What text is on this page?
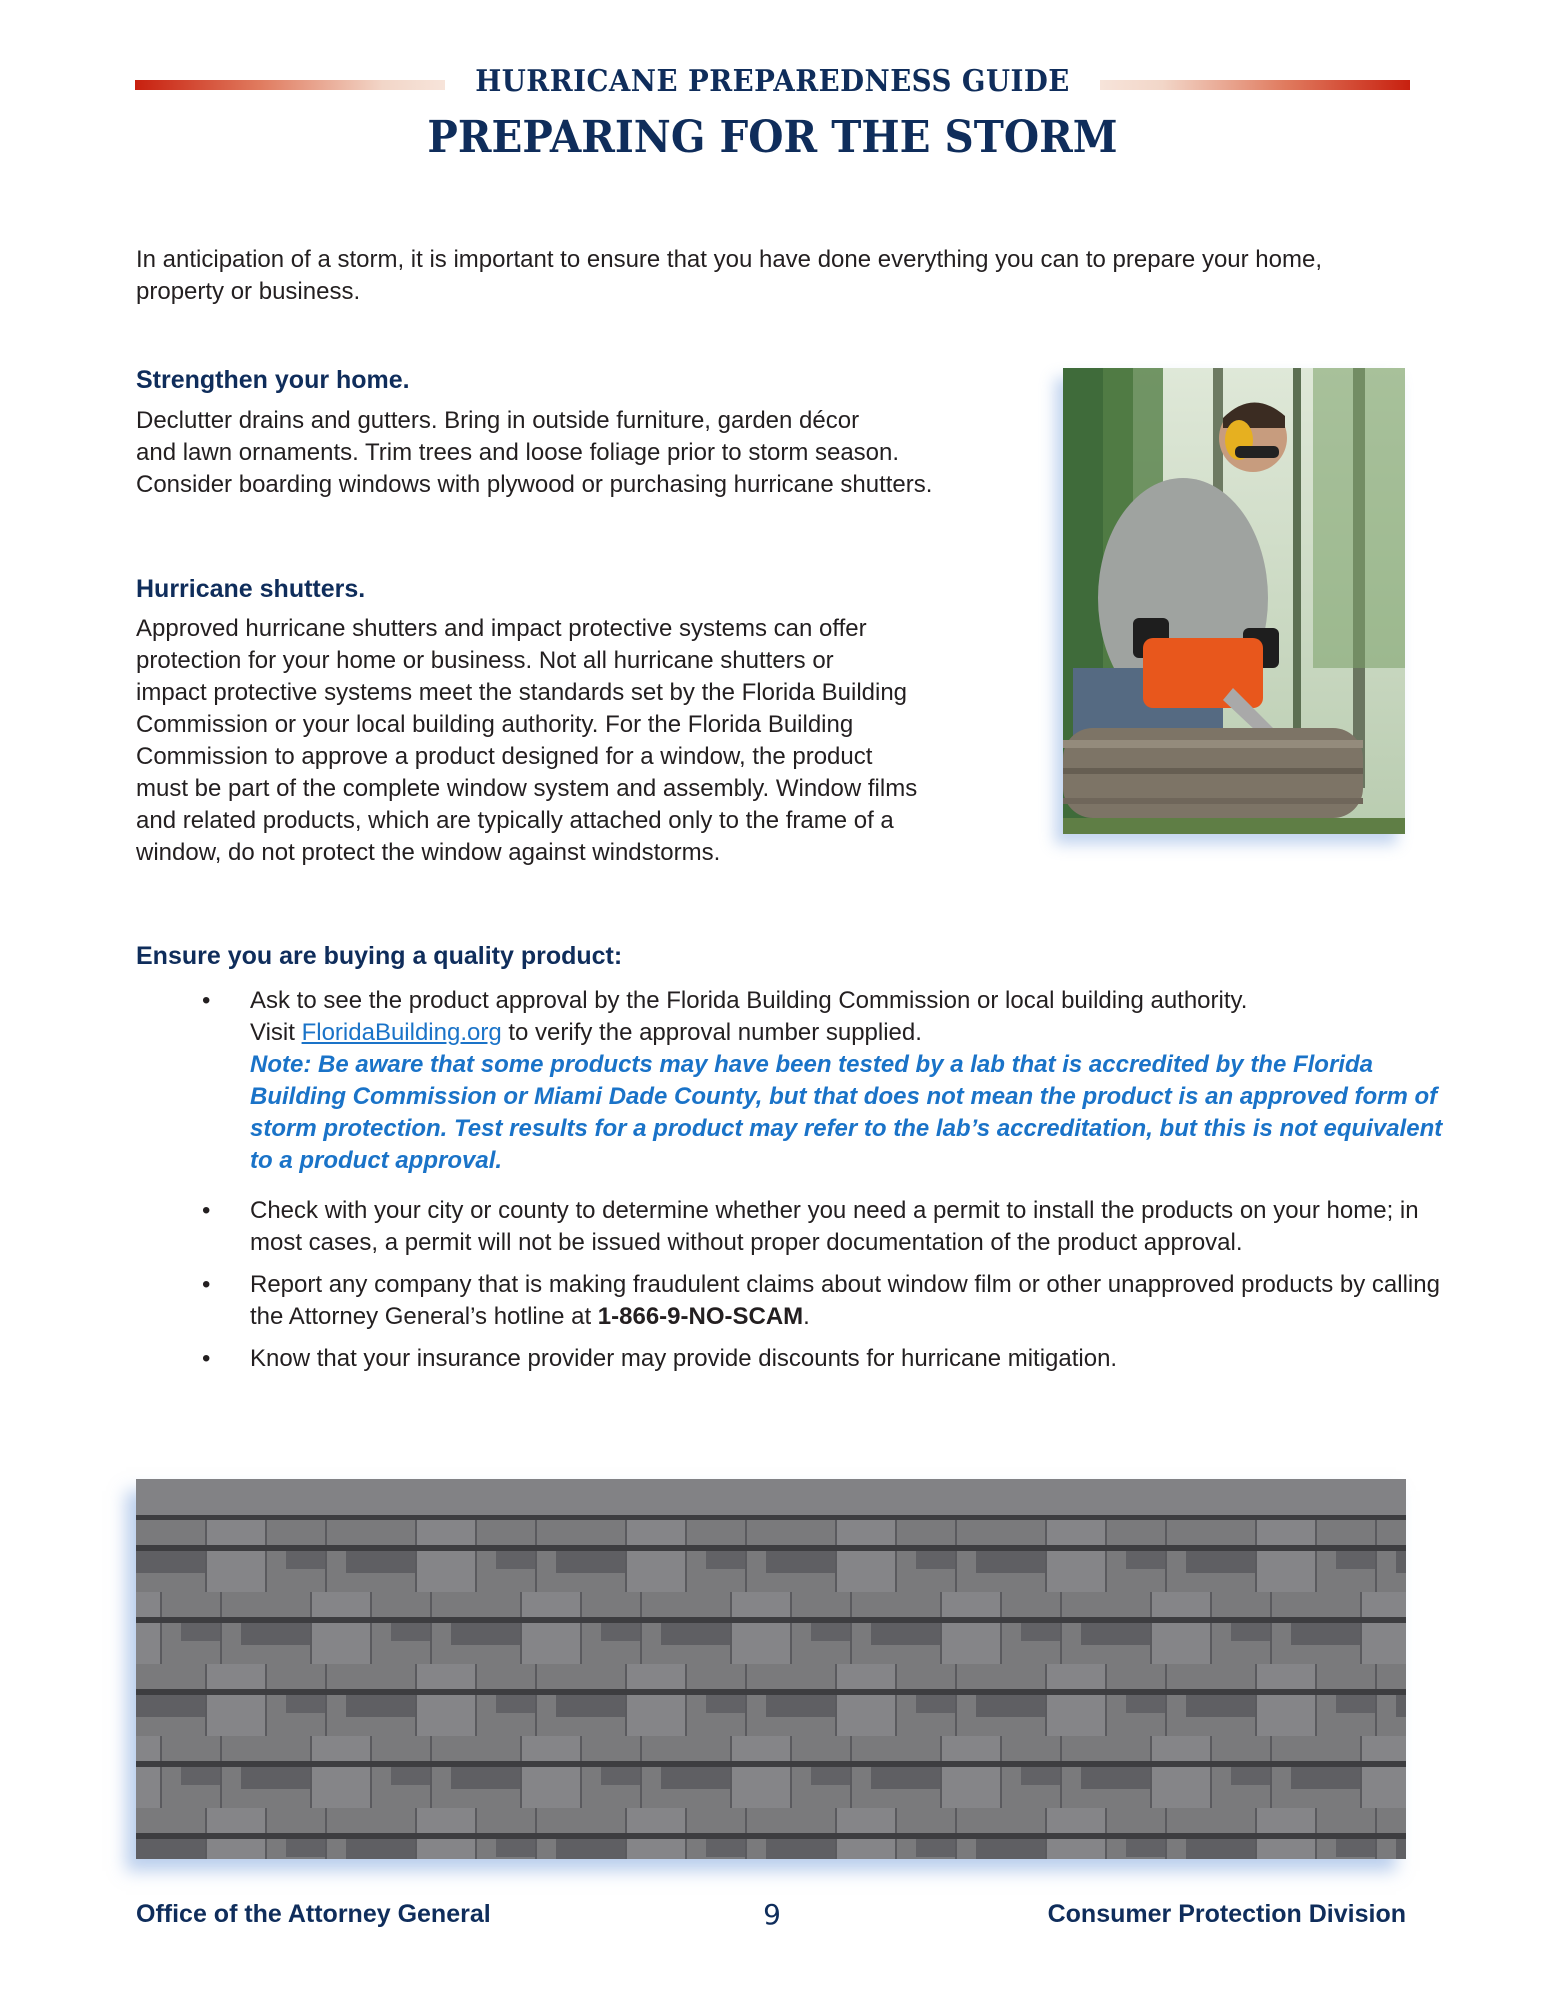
HURRICANE PREPAREDNESS GUIDE
PREPARING FOR THE STORM
In anticipation of a storm, it is important to ensure that you have done everything you can to prepare your home, property or business.
Strengthen your home.
Declutter drains and gutters. Bring in outside furniture, garden décor
and lawn ornaments. Trim trees and loose foliage prior to storm season.
Consider boarding windows with plywood or purchasing hurricane shutters.
Hurricane shutters.
Approved hurricane shutters and impact protective systems can offer
protection for your home or business. Not all hurricane shutters or
impact protective systems meet the standards set by the Florida Building
Commission or your local building authority. For the Florida Building
Commission to approve a product designed for a window, the product
must be part of the complete window system and assembly. Window films
and related products, which are typically attached only to the frame of a
window, do not protect the window against windstorms.
Ensure you are buying a quality product:
• Ask to see the product approval by the Florida Building Commission or local building authority.
Visit FloridaBuilding.org to verify the approval number supplied.
Note: Be aware that some products may have been tested by a lab that is accredited by the Florida Building Commission or Miami Dade County, but that does not mean the product is an approved form of storm protection. Test results for a product may refer to the lab’s accreditation, but this is not equivalent to a product approval.
• Check with your city or county to determine whether you need a permit to install the products on your home; in most cases, a permit will not be issued without proper documentation of the product approval.
• Report any company that is making fraudulent claims about window film or other unapproved products by calling the Attorney General’s hotline at 1-866-9-NO-SCAM.
• Know that your insurance provider may provide discounts for hurricane mitigation.
Office of the Attorney General	9	Consumer Protection Division
